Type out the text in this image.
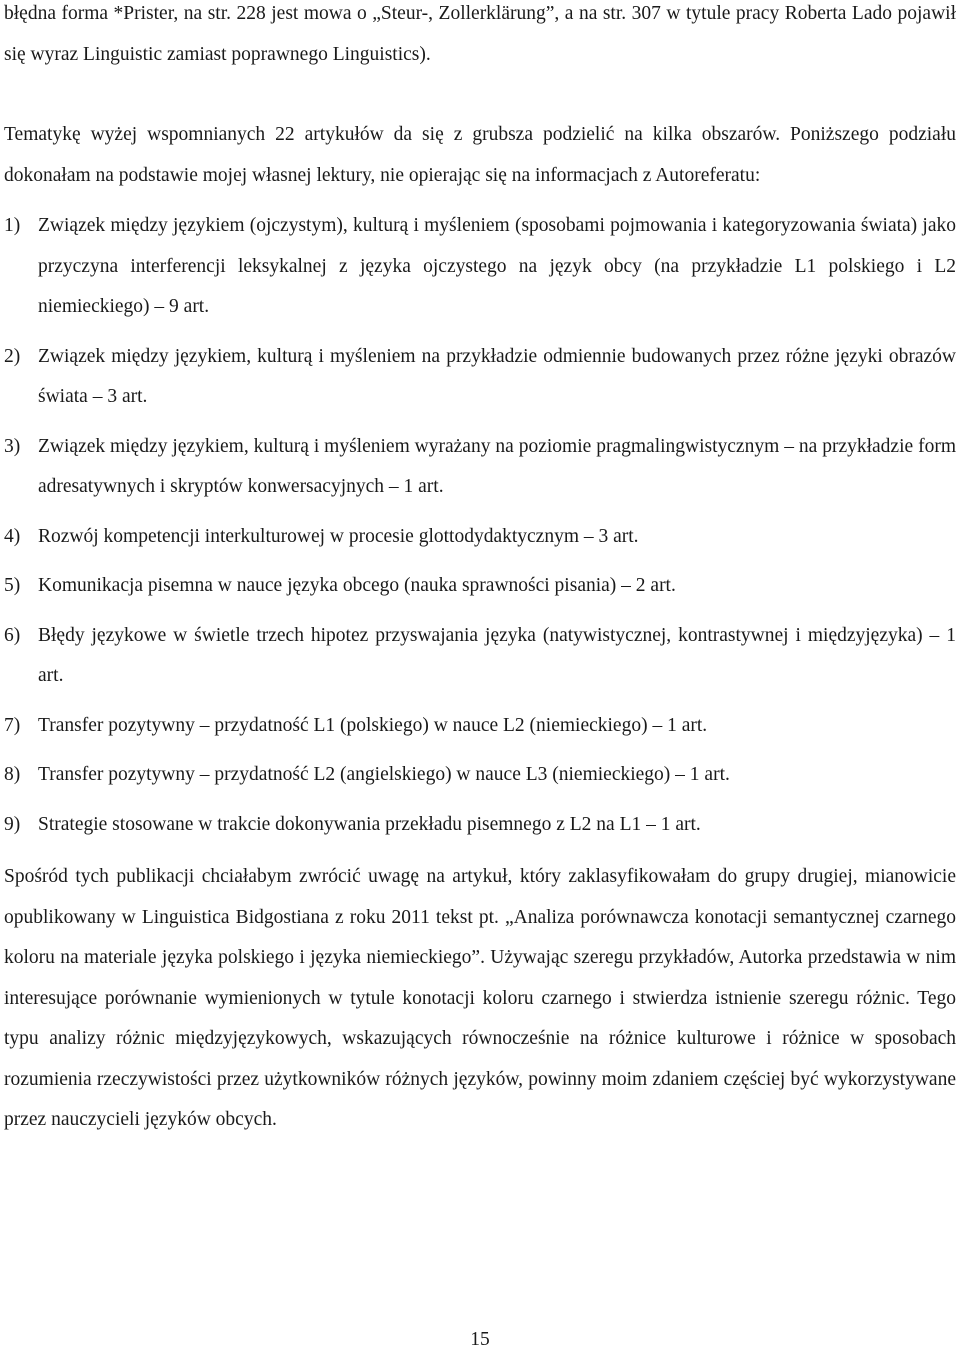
błędna forma *Prister, na str. 228 jest mowa o „Steur-, Zollerklärung”, a na str. 307 w tytule pracy Roberta Lado pojawił się wyraz Linguistic zamiast poprawnego Linguistics).

Tematykę wyżej wspomnianych 22 artykułów da się z grubsza podzielić na kilka obszarów. Poniższego podziału dokonałam na podstawie mojej własnej lektury, nie opierając się na informacjach z Autoreferatu:

1) Związek między językiem (ojczystym), kulturą i myśleniem (sposobami pojmowania i kategoryzowania świata) jako przyczyna interferencji leksykalnej z języka ojczystego na język obcy (na przykładzie L1 polskiego i L2 niemieckiego) – 9 art.
2) Związek między językiem, kulturą i myśleniem na przykładzie odmiennie budowanych przez różne języki obrazów świata – 3 art.
3) Związek między językiem, kulturą i myśleniem wyrażany na poziomie pragmalingwistycznym – na przykładzie form adresatywnych i skryptów konwersacyjnych – 1 art.
4) Rozwój kompetencji interkulturowej w procesie glottodydaktycznym – 3 art.
5) Komunikacja pisemna w nauce języka obcego (nauka sprawności pisania) – 2 art.
6) Błędy językowe w świetle trzech hipotez przyswajania języka (natywistycznej, kontrastywnej i międzyjęzyka) – 1 art.
7) Transfer pozytywny – przydatność L1 (polskiego) w nauce L2 (niemieckiego) – 1 art.
8) Transfer pozytywny – przydatność L2 (angielskiego) w nauce L3 (niemieckiego) – 1 art.
9) Strategie stosowane w trakcie dokonywania przekładu pisemnego z L2 na L1 – 1 art.

Spośród tych publikacji chciałabym zwrócić uwagę na artykuł, który zaklasyfikowałam do grupy drugiej, mianowicie opublikowany w Linguistica Bidgostiana z roku 2011 tekst pt. „Analiza porównawcza konotacji semantycznej czarnego koloru na materiale języka polskiego i języka niemieckiego”. Używając szeregu przykładów, Autorka przedstawia w nim interesujące porównanie wymienionych w tytule konotacji koloru czarnego i stwierdza istnienie szeregu różnic. Tego typu analizy różnic międzyjęzykowych, wskazujących równocześnie na różnice kulturowe i różnice w sposobach rozumienia rzeczywistości przez użytkowników różnych języków, powinny moim zdaniem częściej być wykorzystywane przez nauczycieli języków obcych.

15
